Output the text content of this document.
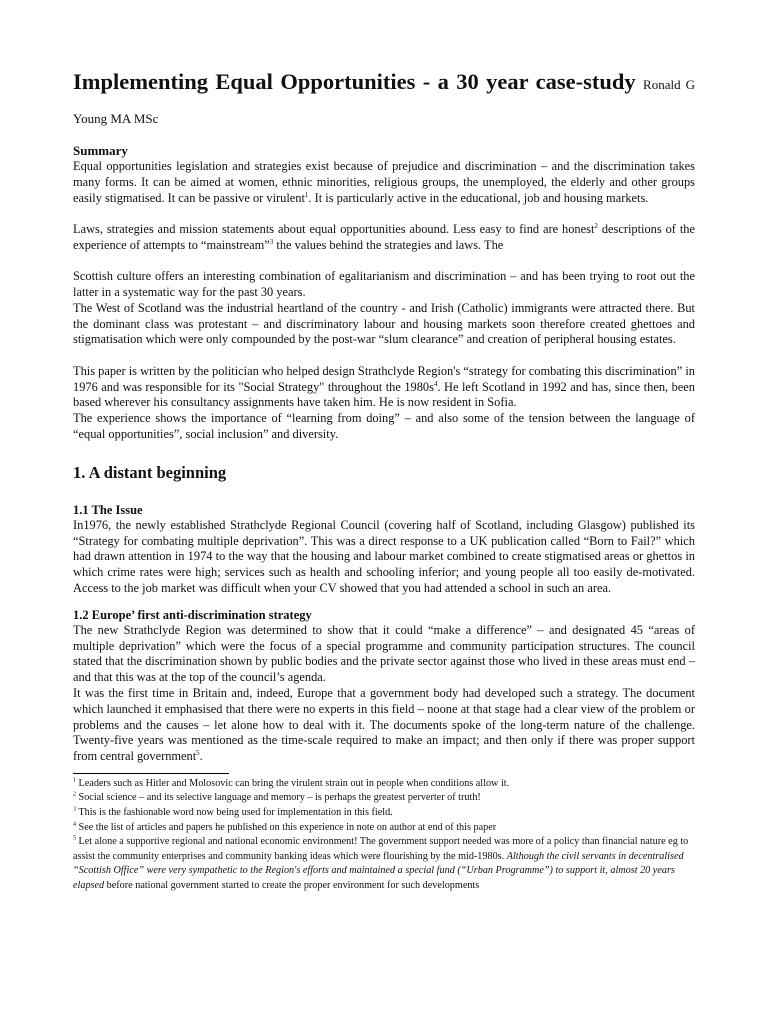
Implementing Equal Opportunities - a 30 year case-study Ronald G Young MA MSc
Summary

Equal opportunities legislation and strategies exist because of prejudice and discrimination – and the discrimination takes many forms. It can be aimed at women, ethnic minorities, religious groups, the unemployed, the elderly and other groups easily stigmatised. It can be passive or virulent$^1$. It is particularly active in the educational, job and housing markets.

Laws, strategies and mission statements about equal opportunities abound. Less easy to find are honest$^2$ descriptions of the experience of attempts to “mainstream”$^3$ the values behind the strategies and laws. The

Scottish culture offers an interesting combination of egalitarianism and discrimination – and has been trying to root out the latter in a systematic way for the past 30 years.

The West of Scotland was the industrial heartland of the country - and Irish (Catholic) immigrants were attracted there. But the dominant class was protestant – and discriminatory labour and housing markets soon therefore created ghettoes and stigmatisation which were only compounded by the post-war “slum clearance” and creation of peripheral housing estates.

This paper is written by the politician who helped design Strathclyde Region's “strategy for combating this discrimination” in 1976 and was responsible for its "Social Strategy" throughout the $1980s^4$. He left Scotland in 1992 and has, since then, been based wherever his consultancy assignments have taken him. He is now resident in Sofia.

The experience shows the importance of “learning from doing” – and also some of the tension between the language of “equal opportunities”, social inclusion” and diversity.

1. A distant beginning
1.1 The Issue

In1976, the newly established Strathclyde Regional Council (covering half of Scotland, including Glasgow) published its “Strategy for combating multiple deprivation”. This was a direct response to a UK publication called “Born to Fail?” which had drawn attention in 1974 to the way that the housing and labour market combined to create stigmatised areas or ghettos in which crime rates were high; services such as health and schooling inferior; and young people all too easily de-motivated. Access to the job market was difficult when your CV showed that you had attended a school in such an area.

1.2 Europe’ first anti-discrimination strategy

The new Strathclyde Region was determined to show that it could “make a difference” – and designated 45 “areas of multiple deprivation” which were the focus of a special programme and community participation structures. The council stated that the discrimination shown by public bodies and the private sector against those who lived in these areas must end – and that this was at the top of the council’s agenda.

It was the first time in Britain and, indeed, Europe that a government body had developed such a strategy. The document which launched it emphasised that there were no experts in this field – noone at that stage had a clear view of the problem or problems and the causes – let alone how to deal with it. The documents spoke of the long-term nature of the challenge. Twenty-five years was mentioned as the time-scale required to make an impact; and then only if there was proper support from central government$^5$.

$^1$ Leaders such as Hitler and Molosovic can bring the virulent strain out in people when conditions allow it.

$^2$ Social science – and its selective language and memory – is perhaps the greatest perverter of truth!

$^3$ This is the fashionable word now being used for implementation in this field.

$^4$ See the list of articles and papers he published on this experience in note on author at end of this paper

$^5$ Let alone a supportive regional and national economic environment! The government support needed was more of a policy than financial nature eg to assist the community enterprises and community banking ideas which were flourishing by the mid-1980s. Although the civil servants in decentralised “Scottish Office” were very sympathetic to the Region's efforts and maintained a special fund (“Urban Programme”) to support it, almost 20 years elapsed before national government started to create the proper environment for such developments
